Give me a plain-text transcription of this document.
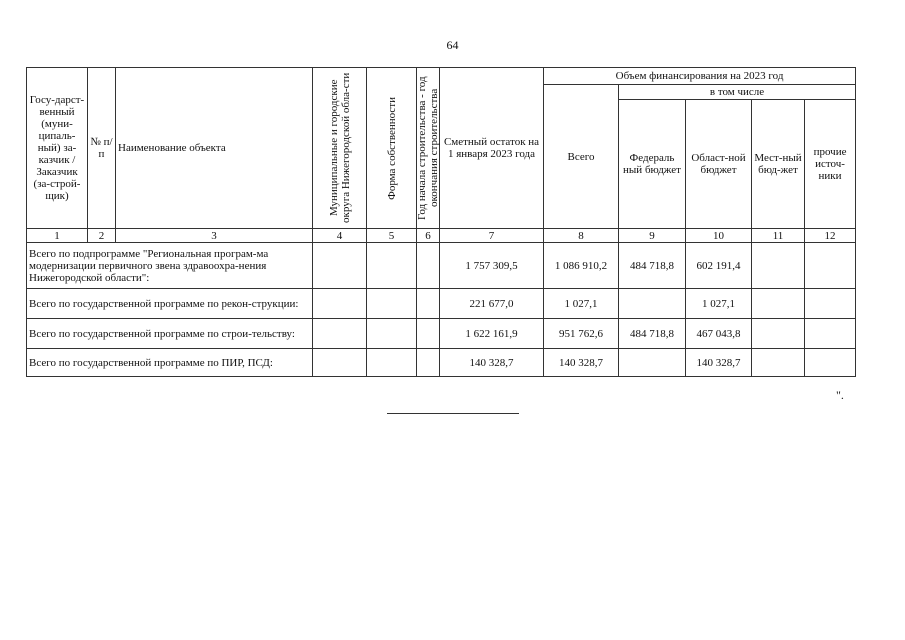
64
Госу-дарст-венный (муни-ципаль-ный) за-казчик / Заказчик (за-строй-щик)	№ п/п	Наименование объекта	Муниципальные и городские округа Нижегородской обла-сти	Форма собственности	Год начала строительства - год окончания строительства	Сметный остаток на 1 января 2023 года	Объем финансирования на 2023 год				
							Всего	в том числе			
								Федераль ный бюджет	Област-ной бюджет	Мест-ный бюд-жет	прочие источ-ники
1	2	3	4	5	6	7	8	9	10	11	12
Всего по подпрограмме "Региональная програм-ма модернизации первичного звена здравоохра-нения Нижегородской области":						1 757 309,5	1 086 910,2	484 718,8	602 191,4		
Всего по государственной программе по рекон-струкции:						221 677,0	1 027,1		1 027,1		
Всего по государственной программе по строи-тельству:						1 622 161,9	951 762,6	484 718,8	467 043,8		
Всего по государственной программе по ПИР, ПСД:						140 328,7	140 328,7		140 328,7		
".
